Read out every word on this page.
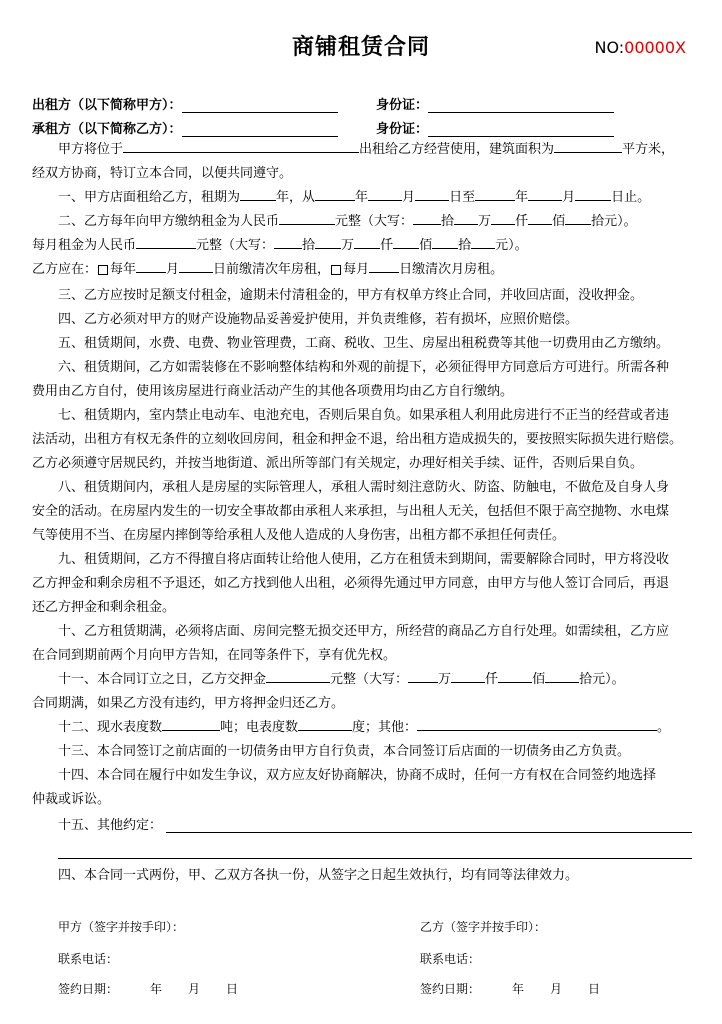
商铺租赁合同	NO:00000X
出租方（以下简称甲方）：	身份证：
承租方（以下简称乙方）：	身份证：
甲方将位于	出租给乙方经营使用，建筑面积为	平方米，
经双方协商，特订立本合同，以便共同遵守。
一、甲方店面租给乙方，租期为	年，从	年	月	日至	年	月	日止。
二、乙方每年向甲方缴纳租金为人民币	元整（大写： 拾 万 仟 佰 拾元）。
每月租金为人民币	元整（大写： 拾 万 仟 佰 拾 元）。
乙方应在： 每年 月	日前缴清次年房租， 每月 日缴清次月房租。
三、乙方应按时足额支付租金，逾期未付清租金的，甲方有权单方终止合同，并收回店面，没收押金。
四、乙方必须对甲方的财产设施物品妥善爱护使用，并负责维修，若有损坏，应照价赔偿。
五、租赁期间，水费、电费、物业管理费，工商、税收、卫生、房屋出租税费等其他一切费用由乙方缴纳。
六、租赁期间，乙方如需装修在不影响整体结构和外观的前提下，必须征得甲方同意后方可进行。所需各种
费用由乙方自付，使用该房屋进行商业活动产生的其他各项费用均由乙方自行缴纳。
七、租赁期内，室内禁止电动车、电池充电，否则后果自负。如果承租人利用此房进行不正当的经营或者违
法活动，出租方有权无条件的立刻收回房间，租金和押金不退，给出租方造成损失的，要按照实际损失进行赔偿。
乙方必须遵守居规民约，并按当地街道、派出所等部门有关规定，办理好相关手续、证件，否则后果自负。
八、租赁期间内，承租人是房屋的实际管理人，承租人需时刻注意防火、防盗、防触电，不做危及自身人身
安全的活动。在房屋内发生的一切安全事故都由承租人来承担，与出租人无关，包括但不限于高空抛物、水电煤
气等使用不当、在房屋内摔倒等给承租人及他人造成的人身伤害，出租方都不承担任何责任。
九、租赁期间，乙方不得擅自将店面转让给他人使用，乙方在租赁未到期间，需要解除合同时，甲方将没收
乙方押金和剩余房租不予退还，如乙方找到他人出租，必须得先通过甲方同意，由甲方与他人签订合同后，再退
还乙方押金和剩余租金。
十、乙方租赁期满，必须将店面、房间完整无损交还甲方，所经营的商品乙方自行处理。如需续租，乙方应
在合同到期前两个月向甲方告知，在同等条件下，享有优先权。
十一、本合同订立之日，乙方交押金	元整（大写： 万	仟	佰	拾元）。
合同期满，如果乙方没有违约，甲方将押金归还乙方。
十二、现水表度数	吨；电表度数	度；其他：	。
十三、本合同签订之前店面的一切债务由甲方自行负责，本合同签订后店面的一切债务由乙方负责。
十四、本合同在履行中如发生争议，双方应友好协商解决，协商不成时，任何一方有权在合同签约地选择
仲裁或诉讼。
十五、其他约定：
四、本合同一式两份，甲、乙双方各执一份，从签字之日起生效执行，均有同等法律效力。
甲方（签字并按手印）：	乙方（签字并按手印）：
联系电话：	联系电话：
签约日期：	年 月 日	签约日期：	年 月 日
